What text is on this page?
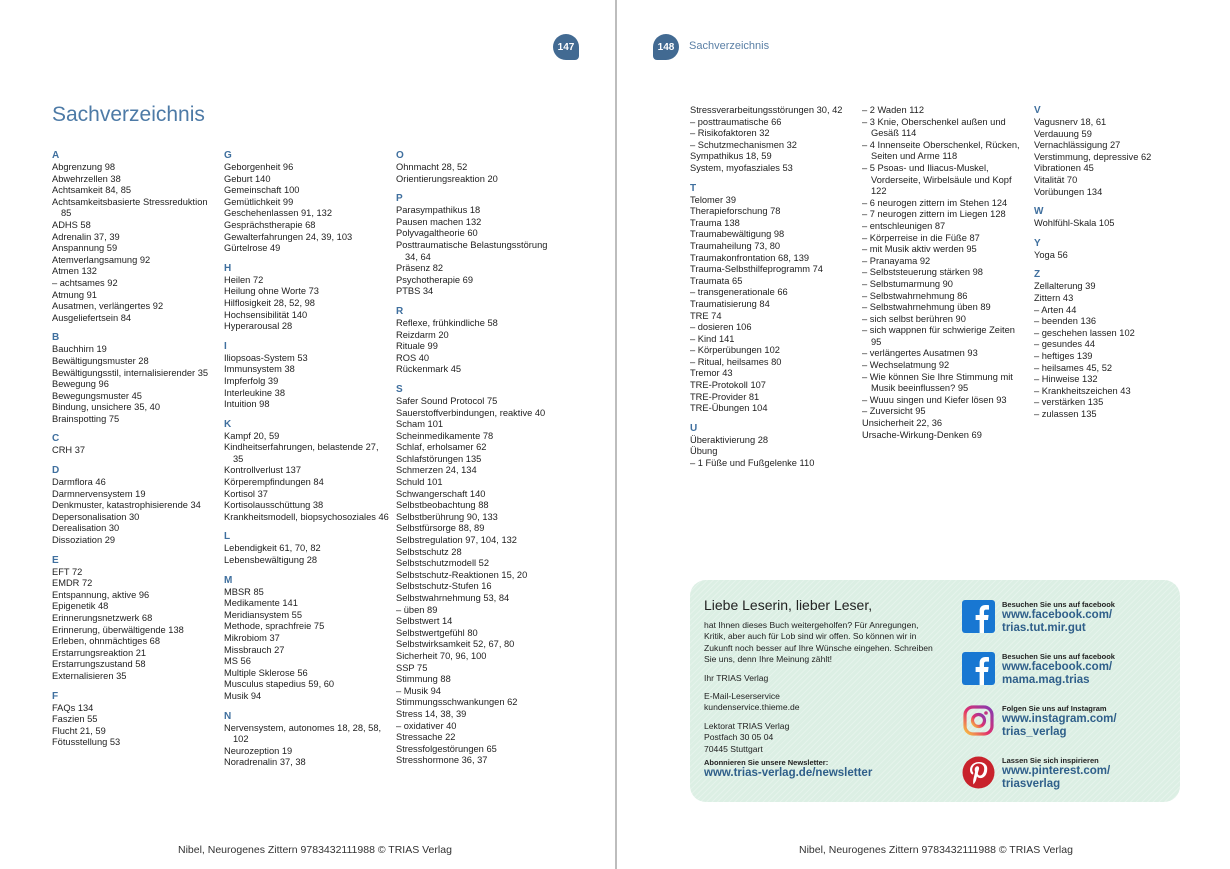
147
Sachverzeichnis
A
Abgrenzung 98
Abwehrzellen 38
Achtsamkeit 84, 85
Achtsamkeitsbasierte Stressreduktion 85
ADHS 58
Adrenalin 37, 39
Anspannung 59
Atemverlangsamung 92
Atmen 132
– achtsames 92
Atmung 91
Ausatmen, verlängertes 92
Ausgeliefertsein 84
B
Bauchhirn 19
Bewältigungsmuster 28
Bewältigungsstil, internalisierender 35
Bewegung 96
Bewegungsmuster 45
Bindung, unsichere 35, 40
Brainspotting 75
C
CRH 37
D
Darmflora 46
Darmnervensystem 19
Denkmuster, katastrophisierende 34
Depersonalisation 30
Derealisation 30
Dissoziation 29
E
EFT 72
EMDR 72
Entspannung, aktive 96
Epigenetik 48
Erinnerungsnetzwerk 68
Erinnerung, überwältigende 138
Erleben, ohnmächtiges 68
Erstarrungsreaktion 21
Erstarrungszustand 58
Externalisieren 35
F
FAQs 134
Faszien 55
Flucht 21, 59
Fötusstellung 53
G
Geborgenheit 96
Geburt 140
Gemeinschaft 100
Gemütlichkeit 99
Geschehenlassen 91, 132
Gesprächstherapie 68
Gewalterfahrungen 24, 39, 103
Gürtelrose 49
H
Heilen 72
Heilung ohne Worte 73
Hilflosigkeit 28, 52, 98
Hochsensibilität 140
Hyperarousal 28
I
Iliopsoas-System 53
Immunsystem 38
Impferfolg 39
Interleukine 38
Intuition 98
K
Kampf 20, 59
Kindheitserfahrungen, belastende 27, 35
Kontrollverlust 137
Körperempfindungen 84
Kortisol 37
Kortisolausschüttung 38
Krankheitsmodell, biopsychosoziales 46
L
Lebendigkeit 61, 70, 82
Lebensbewältigung 28
M
MBSR 85
Medikamente 141
Meridiansystem 55
Methode, sprachfreie 75
Mikrobiom 37
Missbrauch 27
MS 56
Multiple Sklerose 56
Musculus stapedius 59, 60
Musik 94
N
Nervensystem, autonomes 18, 28, 58, 102
Neurozeption 19
Noradrenalin 37, 38
O
Ohnmacht 28, 52
Orientierungsreaktion 20
P
Parasympathikus 18
Pausen machen 132
Polyvagaltheorie 60
Posttraumatische Belastungsstörung 34, 64
Präsenz 82
Psychotherapie 69
PTBS 34
R
Reflexe, frühkindliche 58
Reizdarm 20
Rituale 99
ROS 40
Rückenmark 45
S
Safer Sound Protocol 75
Sauerstoffverbindungen, reaktive 40
Scham 101
Scheinmedikamente 78
Schlaf, erholsamer 62
Schlafstörungen 135
Schmerzen 24, 134
Schuld 101
Schwangerschaft 140
Selbstbeobachtung 88
Selbstberührung 90, 133
Selbstfürsorge 88, 89
Selbstregulation 97, 104, 132
Selbstschutz 28
Selbstschutzmodell 52
Selbstschutz-Reaktionen 15, 20
Selbstschutz-Stufen 16
Selbstwahrnehmung 53, 84
– üben 89
Selbstwert 14
Selbstwertgefühl 80
Selbstwirksamkeit 52, 67, 80
Sicherheit 70, 96, 100
SSP 75
Stimmung 88
– Musik 94
Stimmungsschwankungen 62
Stress 14, 38, 39
– oxidativer 40
Stressache 22
Stressfolgestörungen 65
Stresshormone 36, 37
Nibel, Neurogenes Zittern 9783432111988 © TRIAS Verlag
148 Sachverzeichnis
Stressverarbeitungsstörungen 30, 42
– posttraumatische 66
– Risikofaktoren 32
– Schutzmechanismen 32
Sympathikus 18, 59
System, myofasziales 53
T
Telomer 39
Therapieforschung 78
Trauma 138
Traumabewältigung 98
Traumaheilung 73, 80
Traumakonfrontation 68, 139
Trauma-Selbsthilfeprogramm 74
Traumata 65
– transgenerationale 66
Traumatisierung 84
TRE 74
– dosieren 106
– Kind 141
– Körperübungen 102
– Ritual, heilsames 80
Tremor 43
TRE-Protokoll 107
TRE-Provider 81
TRE-Übungen 104
U
Überaktivierung 28
Übung
– 1 Füße und Fußgelenke 110
– 2 Waden 112
– 3 Knie, Oberschenkel außen und Gesäß 114
– 4 Innenseite Oberschenkel, Rücken, Seiten und Arme 118
– 5 Psoas- und Iliacus-Muskel, Vorderseite, Wirbelsäule und Kopf 122
– 6 neurogen zittern im Stehen 124
– 7 neurogen zittern im Liegen 128
– entschleunigen 87
– Körperreise in die Füße 87
– mit Musik aktiv werden 95
– Pranayama 92
– Selbststeuerung stärken 98
– Selbstumarmung 90
– Selbstwahrnehmung 86
– Selbstwahrnehmung üben 89
– sich selbst berühren 90
– sich wappnen für schwierige Zeiten 95
– verlängertes Ausatmen 93
– Wechselatmung 92
– Wie können Sie Ihre Stimmung mit Musik beeinflussen? 95
– Wuuu singen und Kiefer lösen 93
– Zuversicht 95
Unsicherheit 22, 36
Ursache-Wirkung-Denken 69
V
Vagusnerv 18, 61
Verdauung 59
Vernachlässigung 27
Verstimmung, depressive 62
Vibrationen 45
Vitalität 70
Vorübungen 134
W
Wohlfühl-Skala 105
Y
Yoga 56
Z
Zellalterung 39
Zittern 43
– Arten 44
– beenden 136
– geschehen lassen 102
– gesundes 44
– heftiges 139
– heilsames 45, 52
– Hinweise 132
– Krankheitszeichen 43
– verstärken 135
– zulassen 135
Liebe Leserin, lieber Leser,

hat Ihnen dieses Buch weitergeholfen? Für Anregungen, Kritik, aber auch für Lob sind wir offen. So können wir in Zukunft noch besser auf Ihre Wünsche eingehen. Schreiben Sie uns, denn Ihre Meinung zählt!

Ihr TRIAS Verlag

E-Mail-Leserservice
kundenservice.thieme.de

Lektorat TRIAS Verlag
Postfach 30 05 04
70445 Stuttgart

Abonnieren Sie unsere Newsletter:
www.trias-verlag.de/newsletter
Besuchen Sie uns auf facebook
www.facebook.com/
trias.tut.mir.gut
Besuchen Sie uns auf facebook
www.facebook.com/
mama.mag.trias
Folgen Sie uns auf Instagram
www.instagram.com/
trias_verlag
Lassen Sie sich inspirieren
www.pinterest.com/
triasverlag
Nibel, Neurogenes Zittern 9783432111988 © TRIAS Verlag
